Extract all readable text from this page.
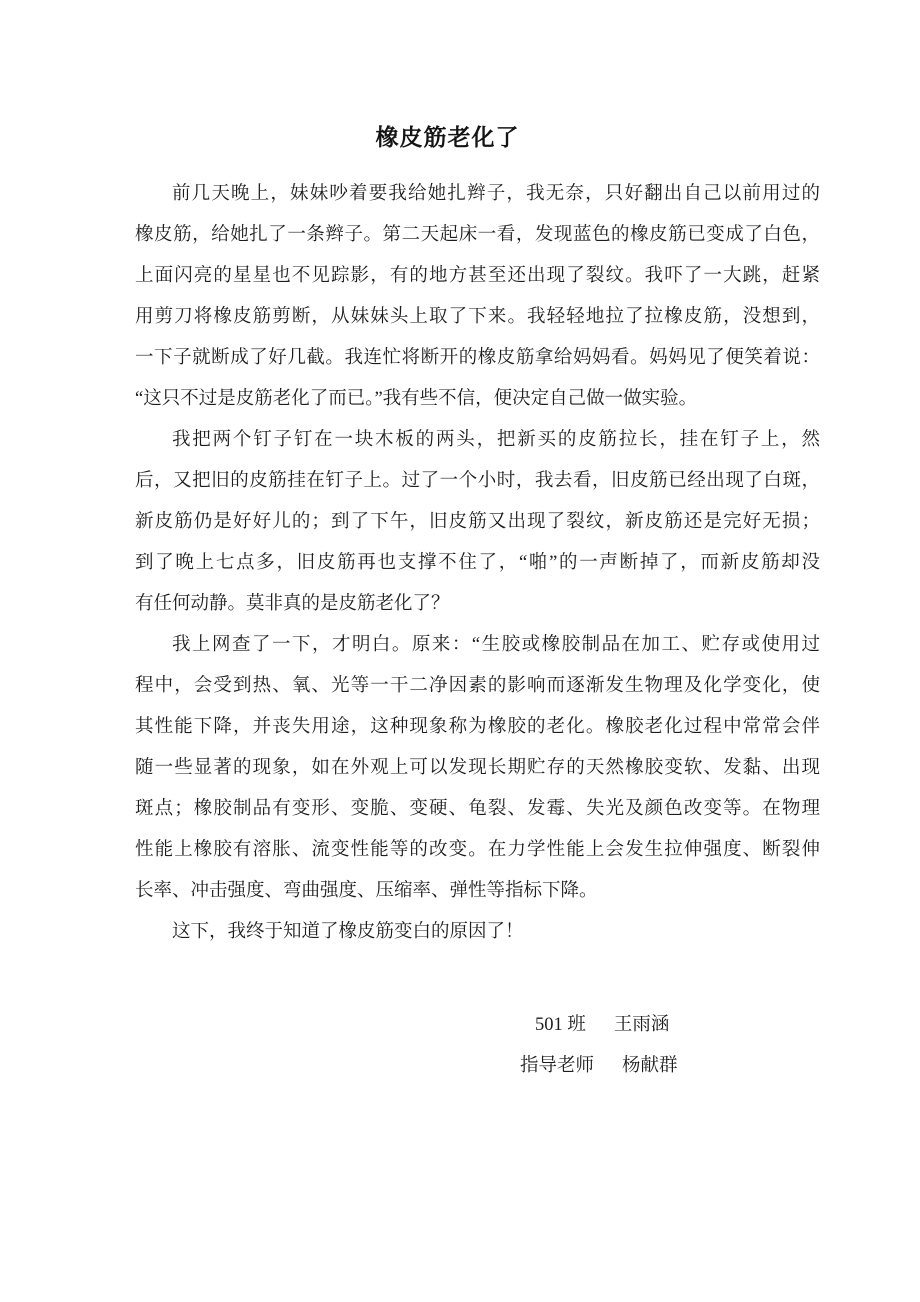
橡皮筋老化了
前几天晚上，妹妹吵着要我给她扎辫子，我无奈，只好翻出自己以前用过的
橡皮筋，给她扎了一条辫子。第二天起床一看，发现蓝色的橡皮筋已变成了白色，
上面闪亮的星星也不见踪影，有的地方甚至还出现了裂纹。我吓了一大跳，赶紧
用剪刀将橡皮筋剪断，从妹妹头上取了下来。我轻轻地拉了拉橡皮筋，没想到，
一下子就断成了好几截。我连忙将断开的橡皮筋拿给妈妈看。妈妈见了便笑着说：
“这只不过是皮筋老化了而已。”我有些不信，便决定自己做一做实验。
我把两个钉子钉在一块木板的两头，把新买的皮筋拉长，挂在钉子上，然
后，又把旧的皮筋挂在钉子上。过了一个小时，我去看，旧皮筋已经出现了白斑，
新皮筋仍是好好儿的；到了下午，旧皮筋又出现了裂纹，新皮筋还是完好无损；
到了晚上七点多，旧皮筋再也支撑不住了，“啪”的一声断掉了，而新皮筋却没
有任何动静。莫非真的是皮筋老化了？
我上网查了一下，才明白。原来：“生胶或橡胶制品在加工、贮存或使用过
程中，会受到热、氧、光等一干二净因素的影响而逐渐发生物理及化学变化，使
其性能下降，并丧失用途，这种现象称为橡胶的老化。橡胶老化过程中常常会伴
随一些显著的现象，如在外观上可以发现长期贮存的天然橡胶变软、发黏、出现
斑点；橡胶制品有变形、变脆、变硬、龟裂、发霉、失光及颜色改变等。在物理
性能上橡胶有溶胀、流变性能等的改变。在力学性能上会发生拉伸强度、断裂伸
长率、冲击强度、弯曲强度、压缩率、弹性等指标下降。
这下，我终于知道了橡皮筋变白的原因了！
501 班 王雨涵
指导老师 杨献群
